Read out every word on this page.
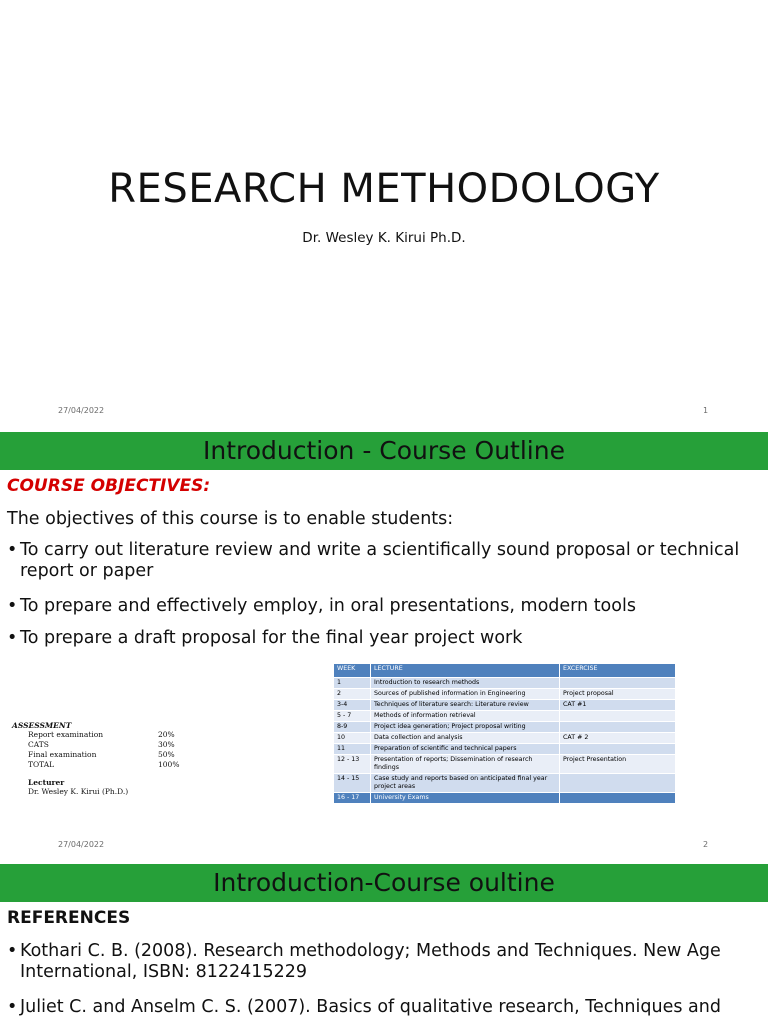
RESEARCH METHODOLOGY
Dr. Wesley K. Kirui Ph.D.
27/04/2022	1
Introduction - Course Outline
COURSE OBJECTIVES:
The objectives of this course is to enable students:
• To carry out literature review and write a scientifically sound proposal or technical report or paper
• To prepare and effectively employ, in oral presentations, modern tools
• To prepare a draft proposal for the final year project work
ASSESSMENT
Report examination	20%
CATS	30%
Final examination	50%
TOTAL	100%
Lecturer
Dr. Wesley K. Kirui (Ph.D.)
WEEK	LECTURE	EXCERCISE
1	Introduction to research methods	
2	Sources of published information in Engineering	Project proposal
3-4	Techniques of literature search: Literature review	CAT #1
5 - 7	Methods of information retrieval	
8-9	Project idea generation; Project proposal writing	
10	Data collection and analysis	CAT # 2
11	Preparation of scientific and technical papers	
12 - 13	Presentation of reports; Dissemination of research findings	Project Presentation
14 - 15	Case study and reports based on anticipated final year project areas	
16 - 17	University Exams	
27/04/2022	2
Introduction-Course oultine
REFERENCES
• Kothari C. B. (2008). Research methodology; Methods and Techniques. New Age International, ISBN: 8122415229
• Juliet C. and Anselm C. S. (2007). Basics of qualitative research, Techniques and
